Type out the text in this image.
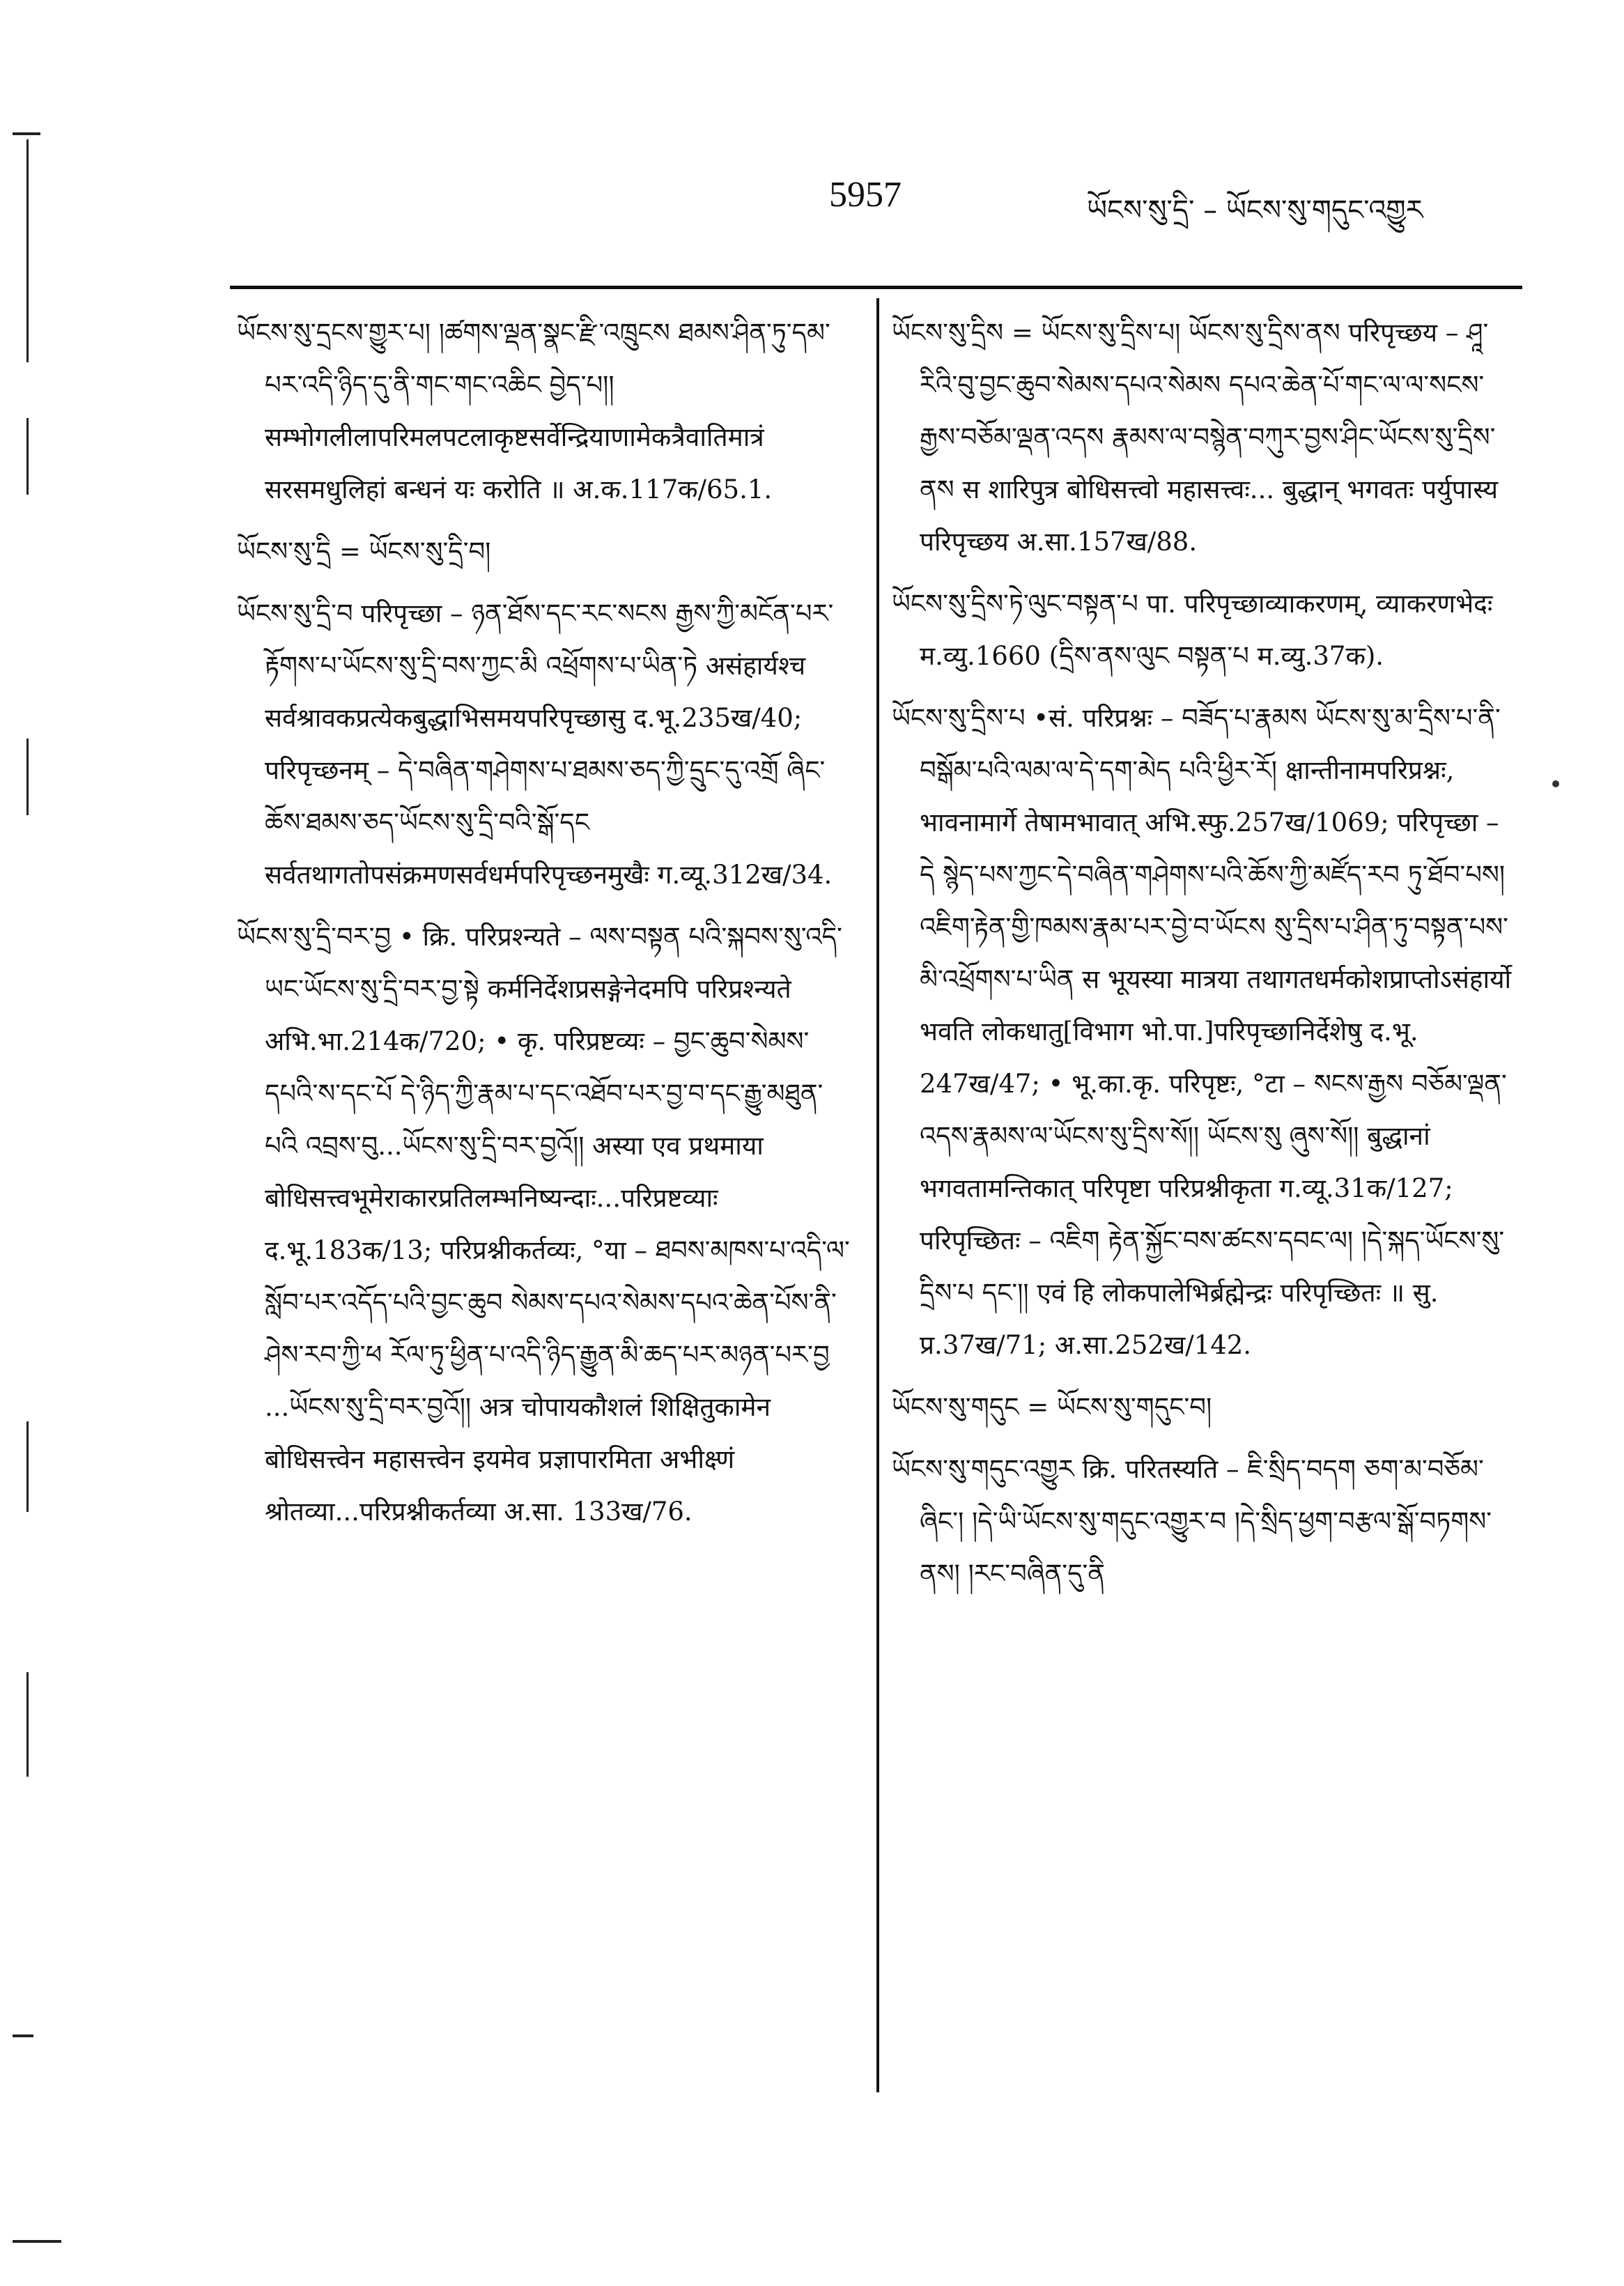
5957	ཡོངས་སུ་དྲི་ – ཡོངས་སུ་གདུང་འགྱུར

ཡོངས་སུ་དྲངས་གྱུར་པ། །ཚགས་ལྡན་སྣང་རྫི་འཁྲུངས ཐམས་ཤིན་ཏུ་དམ་པར་འདི་ཉིད་དུ་ནི་གང་གང་འཆིང བྱེད་པ།། सम्भोगलीलापरिमलपटलाकृष्टसर्वेन्द्रियाणामेकत्रैवातिमात्रं सरसमधुलिहां बन्धनं यः करोति ॥ अ.क.117क/65.1.

ཡོངས་སུ་དྲི = ཡོངས་སུ་དྲི་བ།

ཡོངས་སུ་དྲི་བ परिपृच्छा – ཉན་ཐོས་དང་རང་སངས རྒྱས་ཀྱི་མངོན་པར་རྟོགས་པ་ཡོངས་སུ་དྲི་བས་ཀྱང་མི འཕྲོགས་པ་ཡིན་ཏེ असंहार्यश्च सर्वश्रावकप्रत्येकबुद्धाभिसमयपरिपृच्छासु द.भू.235ख/40; परिपृच्छनम् – དེ་བཞིན་གཤེགས་པ་ཐམས་ཅད་ཀྱི་དྲུང་དུ་འགྲོ ཞིང་ཆོས་ཐམས་ཅད་ཡོངས་སུ་དྲི་བའི་སྒོ་དང सर्वतथागतोपसंक्रमणसर्वधर्मपरिपृच्छनमुखैः ग.व्यू.312ख/34.

ཡོངས་སུ་དྲི་བར་བྱ • क्रि. परिप्रश्न्यते – ལས་བསྟན པའི་སྐབས་སུ་འདི་ཡང་ཡོངས་སུ་དྲི་བར་བྱ་སྟེ कर्मनिर्देशप्रसङ्गेनेदमपि परिप्रश्न्यते अभि.भा.214क/720; • कृ. परिप्रष्टव्यः – བྱང་ཆུབ་སེམས་དཔའི་ས་དང་པོ དེ་ཉིད་ཀྱི་རྣམ་པ་དང་འཐོབ་པར་བྱ་བ་དང་རྒྱུ་མཐུན་པའི འབྲས་བུ...ཡོངས་སུ་དྲི་བར་བྱའོ།། अस्या एव प्रथमाया बोधिसत्त्वभूमेराकारप्रतिलम्भनिष्यन्दाः...परिप्रष्टव्याः द.भू.183क/13; परिप्रश्नीकर्तव्यः, °या – ཐབས་མཁས་པ་འདི་ལ་སློབ་པར་འདོད་པའི་བྱང་ཆུབ སེམས་དཔའ་སེམས་དཔའ་ཆེན་པོས་ནི་ཤེས་རབ་ཀྱི་ཕ རོལ་ཏུ་ཕྱིན་པ་འདི་ཉིད་རྒྱུན་མི་ཆད་པར་མཉན་པར་བྱ ...ཡོངས་སུ་དྲི་བར་བྱའོ།། अत्र चोपायकौशलं शिक्षितुकामेन बोधिसत्त्वेन महासत्त्वेन इयमेव प्रज्ञापारमिता अभीक्ष्णं श्रोतव्या...परिप्रश्नीकर्तव्या अ.सा. 133ख/76.

ཡོངས་སུ་དྲིས = ཡོངས་སུ་དྲིས་པ། ཡོངས་སུ་དྲིས་ནས परिपृच्छय – ཤཱ་རིའི་བུ་བྱང་ཆུབ་སེམས་དཔའ་སེམས དཔའ་ཆེན་པོ་གང་ལ་ལ་སངས་རྒྱས་བཅོམ་ལྡན་འདས རྣམས་ལ་བསྙེན་བཀུར་བྱས་ཤིང་ཡོངས་སུ་དྲིས་ནས स शारिपुत्र बोधिसत्त्वो महासत्त्वः... बुद्धान् भगवतः पर्युपास्य परिपृच्छय अ.सा.157ख/88.

ཡོངས་སུ་དྲིས་ཏེ་ལུང་བསྟན་པ पा. परिपृच्छाव्याकरणम्, व्याकरणभेदः म.व्यु.1660 (དྲིས་ནས་ལུང བསྟན་པ म.व्यु.37क).

ཡོངས་སུ་དྲིས་པ •सं. परिप्रश्नः – བཟོད་པ་རྣམས ཡོངས་སུ་མ་དྲིས་པ་ནི་བསྒོམ་པའི་ལམ་ལ་དེ་དག་མེད པའི་ཕྱིར་རོ། क्षान्तीनामपरिप्रश्नः, भावनामार्गे तेषामभावात् अभि.स्फु.257ख/1069; परिपृच्छा – དེ སྙེད་པས་ཀྱང་དེ་བཞིན་གཤེགས་པའི་ཆོས་ཀྱི་མཛོད་རབ ཏུ་ཐོབ་པས། འཇིག་རྟེན་གྱི་ཁམས་རྣམ་པར་བྱེ་བ་ཡོངས སུ་དྲིས་པ་ཤིན་ཏུ་བསྟན་པས་མི་འཕྲོགས་པ་ཡིན स भूयस्या मात्रया तथागतधर्मकोशप्राप्तोऽसंहार्यो भवति लोकधातु[विभाग भो.पा.]परिपृच्छानिर्देशेषु द.भू. 247ख/47; • भू.का.कृ. परिपृष्टः, °टा – སངས་རྒྱས བཅོམ་ལྡན་འདས་རྣམས་ལ་ཡོངས་སུ་དྲིས་སོ།། ཡོངས་སུ ཞུས་སོ།། बुद्धानां भगवतामन्तिकात् परिपृष्टा परिप्रश्नीकृता ग.व्यू.31क/127; परिपृच्छितः – འཇིག རྟེན་སྐྱོང་བས་ཚངས་དབང་ལ། །དེ་སྐད་ཡོངས་སུ་དྲིས་པ དང་།། एवं हि लोकपालेभिर्ब्रह्मेन्द्रः परिपृच्छितः ॥ सु. प्र.37ख/71; अ.सा.252ख/142.

ཡོངས་སུ་གདུང = ཡོངས་སུ་གདུང་བ།

ཡོངས་སུ་གདུང་འགྱུར क्रि. परितस्यति – ཇི་སྲིད་བདག ཅག་མ་བཅོམ་ཞིང་། །དེ་ཡི་ཡོངས་སུ་གདུང་འགྱུར་བ །དེ་སྲིད་ཕྱག་བརྩལ་སྒོ་བཏགས་ནས། །རང་བཞིན་དུ་ནི
